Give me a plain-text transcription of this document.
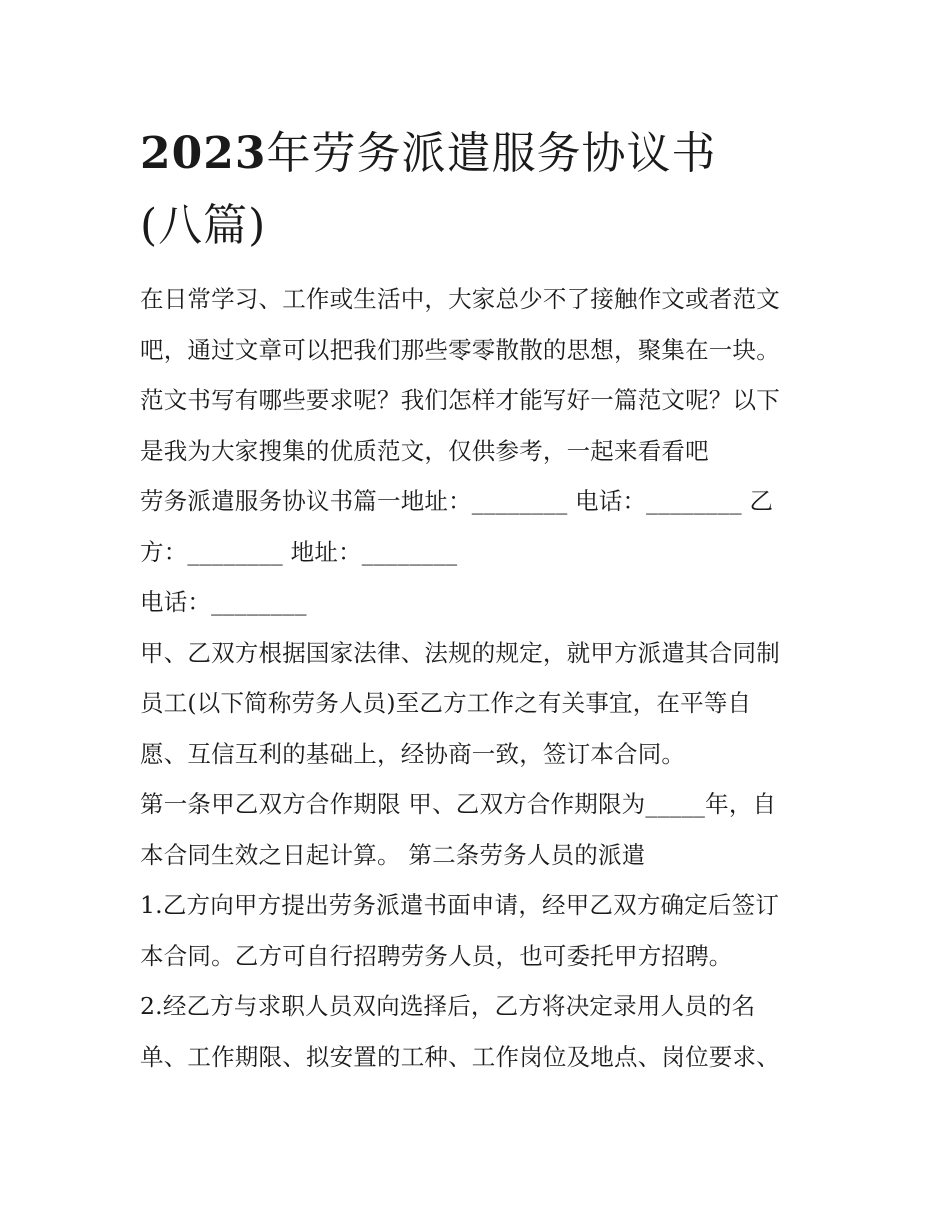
2023年劳务派遣服务协议书
(八篇)
在日常学习、工作或生活中，大家总少不了接触作文或者范文
吧，通过文章可以把我们那些零零散散的思想，聚集在一块。
范文书写有哪些要求呢？我们怎样才能写好一篇范文呢？以下
是我为大家搜集的优质范文，仅供参考，一起来看看吧
劳务派遣服务协议书篇一地址：________ 电话：________ 乙
方：________ 地址：________
电话：________
甲、乙双方根据国家法律、法规的规定，就甲方派遣其合同制
员工(以下简称劳务人员)至乙方工作之有关事宜，在平等自
愿、互信互利的基础上，经协商一致，签订本合同。
第一条甲乙双方合作期限 甲、乙双方合作期限为_____年，自
本合同生效之日起计算。 第二条劳务人员的派遣
1.乙方向甲方提出劳务派遣书面申请，经甲乙双方确定后签订
本合同。乙方可自行招聘劳务人员，也可委托甲方招聘。
2.经乙方与求职人员双向选择后，乙方将决定录用人员的名
单、工作期限、拟安置的工种、工作岗位及地点、岗位要求、
